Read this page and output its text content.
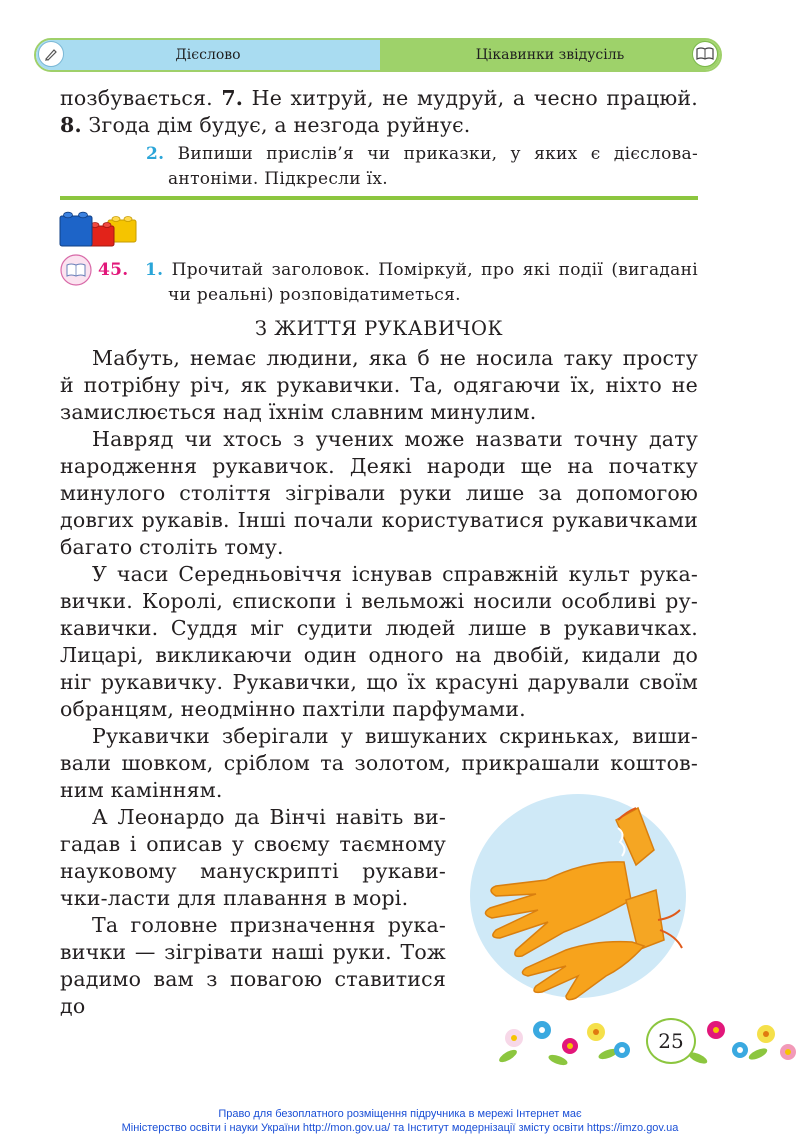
Дієслово	Цікавинки звідусіль
позбувається. 7. Не хитруй, не мудруй, а чесно працюй.
8. Згода дім будує, а незгода руйнує.
2. Випиши прислів’я чи приказки, у яких є дієслова-
антоніми. Підкресли їх.
45. 1. Прочитай заголовок. Поміркуй, про які події (вигадані
чи реальні) розповідатиметься.
З ЖИТТЯ РУКАВИЧОК
Мабуть, немає людини, яка б не носила таку просту
й потрібну річ, як рукавички. Та, одягаючи їх, ніхто не
замислюється над їхнім славним минулим.
Навряд чи хтось з учених може назвати точну дату
народження рукавичок. Деякі народи ще на початку
минулого століття зігрівали руки лише за допомогою
довгих рукавів. Інші почали користуватися рукавичками
багато століть тому.
У часи Середньовіччя існував справжній культ рука-
вички. Королі, єпископи і вельможі носили особливі ру-
кавички. Суддя міг судити людей лише в рукавичках.
Лицарі, викликаючи один одного на двобій, кидали до
ніг рукавичку. Рукавички, що їх красуні дарували своїм
обранцям, неодмінно пахтіли парфумами.
Рукавички зберігали у вишуканих скриньках, виши-
вали шовком, сріблом та золотом, прикрашали коштов-
ним камінням.
А Леонардо да Вінчі навіть ви-
гадав і описав у своєму таємному
науковому манускрипті рукави-
чки-ласти для плавання в морі.
Та головне призначення рука-
вички — зігрівати наші руки. Тож
радимо вам з повагою ставитися до
25
Право для безоплатного розміщення підручника в мережі Інтернет має
Міністерство освіти і науки України http://mon.gov.ua/ та Інститут модернізації змісту освіти https://imzo.gov.ua
